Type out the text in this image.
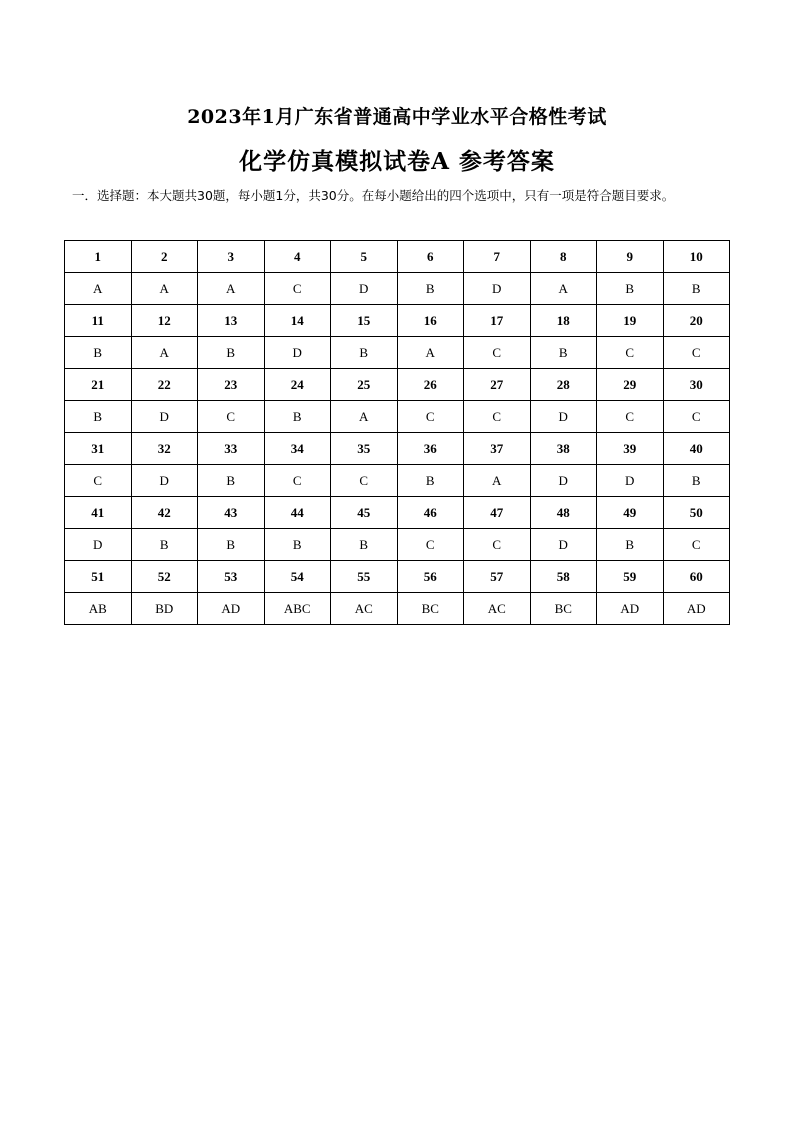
2023年1月广东省普通高中学业水平合格性考试
化学仿真模拟试卷A 参考答案
一．选择题：本大题共30题，每小题1分，共30分。在每小题给出的四个选项中，只有一项是符合题目要求。
1	2	3	4	5	6	7	8	9	10
A	A	A	C	D	B	D	A	B	B
11	12	13	14	15	16	17	18	19	20
B	A	B	D	B	A	C	B	C	C
21	22	23	24	25	26	27	28	29	30
B	D	C	B	A	C	C	D	C	C
31	32	33	34	35	36	37	38	39	40
C	D	B	C	C	B	A	D	D	B
41	42	43	44	45	46	47	48	49	50
D	B	B	B	B	C	C	D	B	C
51	52	53	54	55	56	57	58	59	60
AB	BD	AD	ABC	AC	BC	AC	BC	AD	AD
